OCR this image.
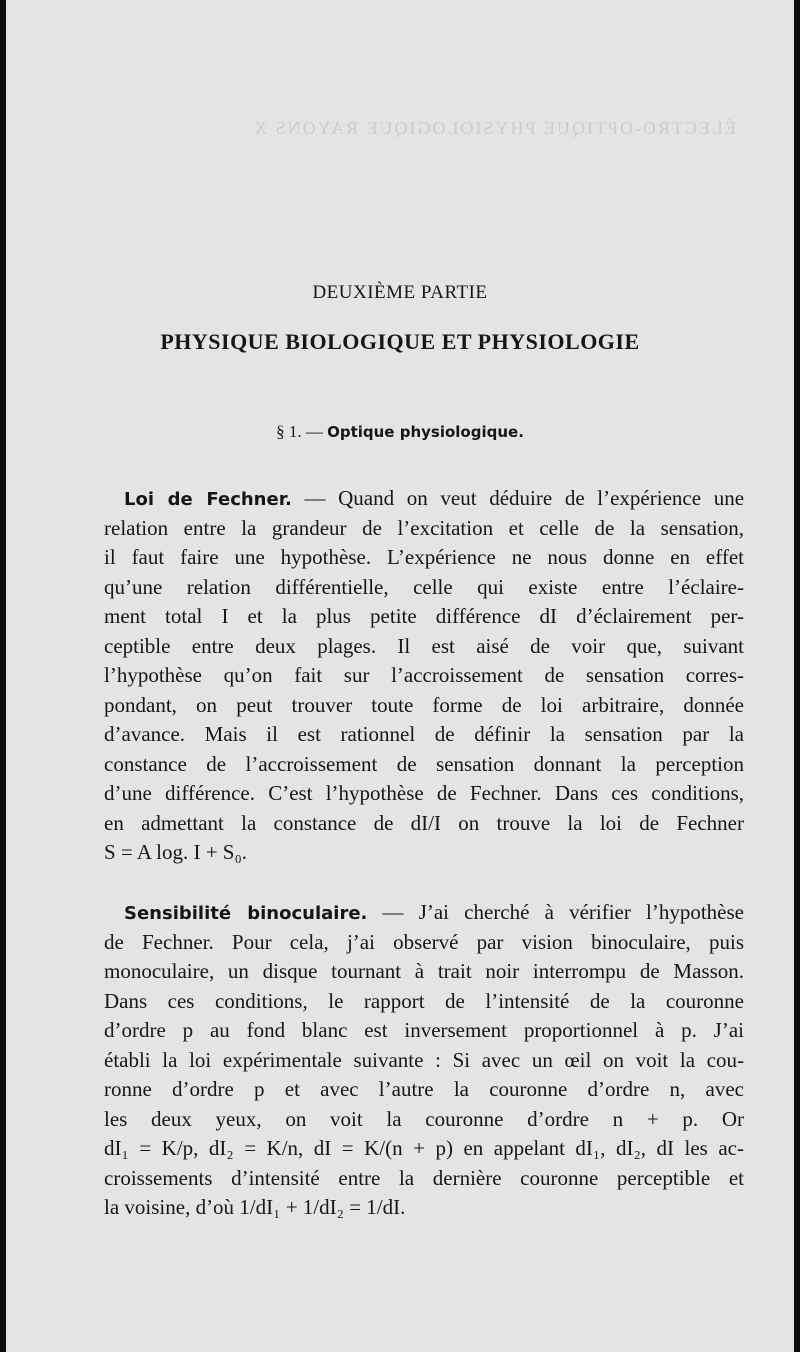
ÉLECTRO-OPTIQUE PHYSIOLOGIQUE RAYONS X
DEUXIÈME PARTIE
PHYSIQUE BIOLOGIQUE ET PHYSIOLOGIE
§ 1. — Optique physiologique.
Loi de Fechner. — Quand on veut déduire de l’expérience une
relation entre la grandeur de l’excitation et celle de la sensation,
il faut faire une hypothèse. L’expérience ne nous donne en effet
qu’une relation différentielle, celle qui existe entre l’éclaire-
ment total I et la plus petite différence dI d’éclairement per-
ceptible entre deux plages. Il est aisé de voir que, suivant
l’hypothèse qu’on fait sur l’accroissement de sensation corres-
pondant, on peut trouver toute forme de loi arbitraire, donnée
d’avance. Mais il est rationnel de définir la sensation par la
constance de l’accroissement de sensation donnant la perception
d’une différence. C’est l’hypothèse de Fechner. Dans ces conditions,
en admettant la constance de dI/I on trouve la loi de Fechner
S = A log. I + S₀.
Sensibilité binoculaire. — J’ai cherché à vérifier l’hypothèse
de Fechner. Pour cela, j’ai observé par vision binoculaire, puis
monoculaire, un disque tournant à trait noir interrompu de Masson.
Dans ces conditions, le rapport de l’intensité de la couronne
d’ordre p au fond blanc est inversement proportionnel à p. J’ai
établi la loi expérimentale suivante : Si avec un œil on voit la cou-
ronne d’ordre p et avec l’autre la couronne d’ordre n, avec
les deux yeux, on voit la couronne d’ordre n + p. Or
dI₁ = K/p, dI₂ = K/n, dI = K/(n + p) en appelant dI₁, dI₂, dI les ac-
croissements d’intensité entre la dernière couronne perceptible et
la voisine, d’où 1/dI₁ + 1/dI₂ = 1/dI.
